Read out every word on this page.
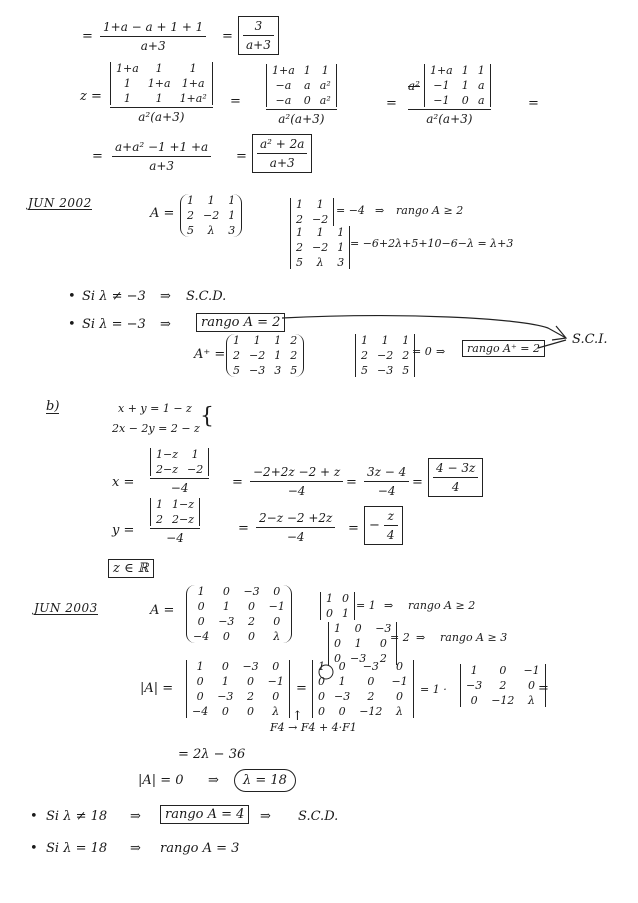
=
1+a − a + 1 + 1
a+3
=
3
a+3
z =
1+a	1	1
1	1+a 1+a
1	1	1+a²
a²(a+3)
=
1+a 1 1
−a	a a²
−a	0 a²
a²(a+3)
=
a²
1+a 1 1
−1 1 a
−1 0 a
a²(a+3)
=
=
a+a² −1 +1 +a
a+3
=
a² + 2a
a+3
JUN 2002
A =
1	1	1
2 −2 1
5	λ	3
1	1
2 −2
= −4 ⇒ rango A ≥ 2
1	1	1
2 −2 1
5	λ	3
= −6+2λ+5+10−6−λ = λ+3
• Si λ ≠ −3 ⇒ S.C.D.
• Si λ = −3 ⇒	rango A = 2
A⁺ =
1	1	1 2
2 −2 1 2
5 −3 3 5
1	1	1
2 −2 2
5 −3 5
= 0 ⇒	rango A⁺ = 2
S.C.I.
b)	x + y = 1 − z
2x − 2y = 2 − z {
x =
1−z	1
2−z −2
−4	=
−2+2z −2 + z
−4
=
3z − 4
−4
=
4 − 3z
4
y =
1 1−z
2 2−z
−4
=
2−z −2 +2z
−4
= − $\frac{z}{4}$
z ∈ ℝ
JUN 2003	A =
1	0	−3	0
0	1	0	−1
0	−3	2	0
−4	0	0	λ
1 0
0 1
= 1 ⇒ rango A ≥ 2
1	0	−3
0	1	0
0 −3	2
= 2 ⇒ rango A ≥ 3
|A| =
1	0	−3	0
0	1	0	−1
0	−3	2	0
−4	0	0	λ
=
1	0	−3	0
0	1	0	−1
0 −3	2	0
0	0	−12	λ
= 1 ·
1	0	−1
−3	2	0
0	−12	λ
=
↑
F4 → F4 + 4·F1
= 2λ − 36
|A| = 0 ⇒	λ = 18
• Si λ ≠ 18 ⇒	rango A = 4	⇒ S.C.D.
• Si λ = 18 ⇒ rango A = 3
